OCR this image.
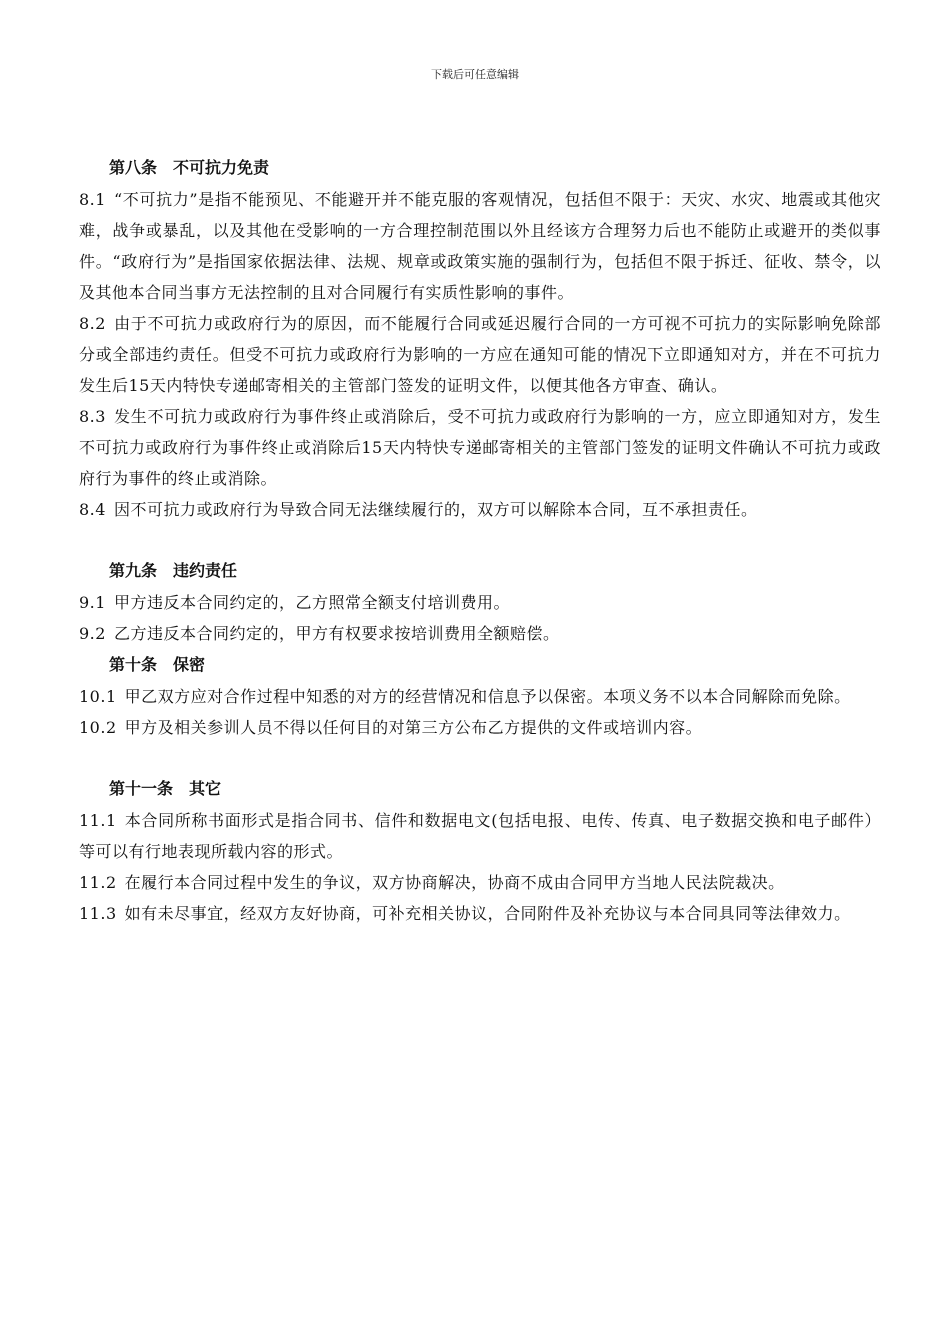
下载后可任意编辑
第八条　不可抗力免责
8.1 “不可抗力”是指不能预见、不能避开并不能克服的客观情况，包括但不限于：天灾、水灾、地震或其他灾难，战争或暴乱，以及其他在受影响的一方合理控制范围以外且经该方合理努力后也不能防止或避开的类似事件。“政府行为”是指国家依据法律、法规、规章或政策实施的强制行为，包括但不限于拆迁、征收、禁令，以及其他本合同当事方无法控制的且对合同履行有实质性影响的事件。
8.2 由于不可抗力或政府行为的原因，而不能履行合同或延迟履行合同的一方可视不可抗力的实际影响免除部分或全部违约责任。但受不可抗力或政府行为影响的一方应在通知可能的情况下立即通知对方，并在不可抗力发生后15天内特快专递邮寄相关的主管部门签发的证明文件，以便其他各方审查、确认。
8.3 发生不可抗力或政府行为事件终止或消除后，受不可抗力或政府行为影响的一方，应立即通知对方，发生不可抗力或政府行为事件终止或消除后15天内特快专递邮寄相关的主管部门签发的证明文件确认不可抗力或政府行为事件的终止或消除。
8.4 因不可抗力或政府行为导致合同无法继续履行的，双方可以解除本合同，互不承担责任。
第九条　违约责任
9.1 甲方违反本合同约定的，乙方照常全额支付培训费用。
9.2 乙方违反本合同约定的，甲方有权要求按培训费用全额赔偿。
第十条　保密
10.1 甲乙双方应对合作过程中知悉的对方的经营情况和信息予以保密。本项义务不以本合同解除而免除。
10.2 甲方及相关参训人员不得以任何目的对第三方公布乙方提供的文件或培训内容。
第十一条　其它
11.1 本合同所称书面形式是指合同书、信件和数据电文(包括电报、电传、传真、电子数据交换和电子邮件）等可以有行地表现所载内容的形式。
11.2 在履行本合同过程中发生的争议，双方协商解决，协商不成由合同甲方当地人民法院裁决。
11.3 如有未尽事宜，经双方友好协商，可补充相关协议，合同附件及补充协议与本合同具同等法律效力。
